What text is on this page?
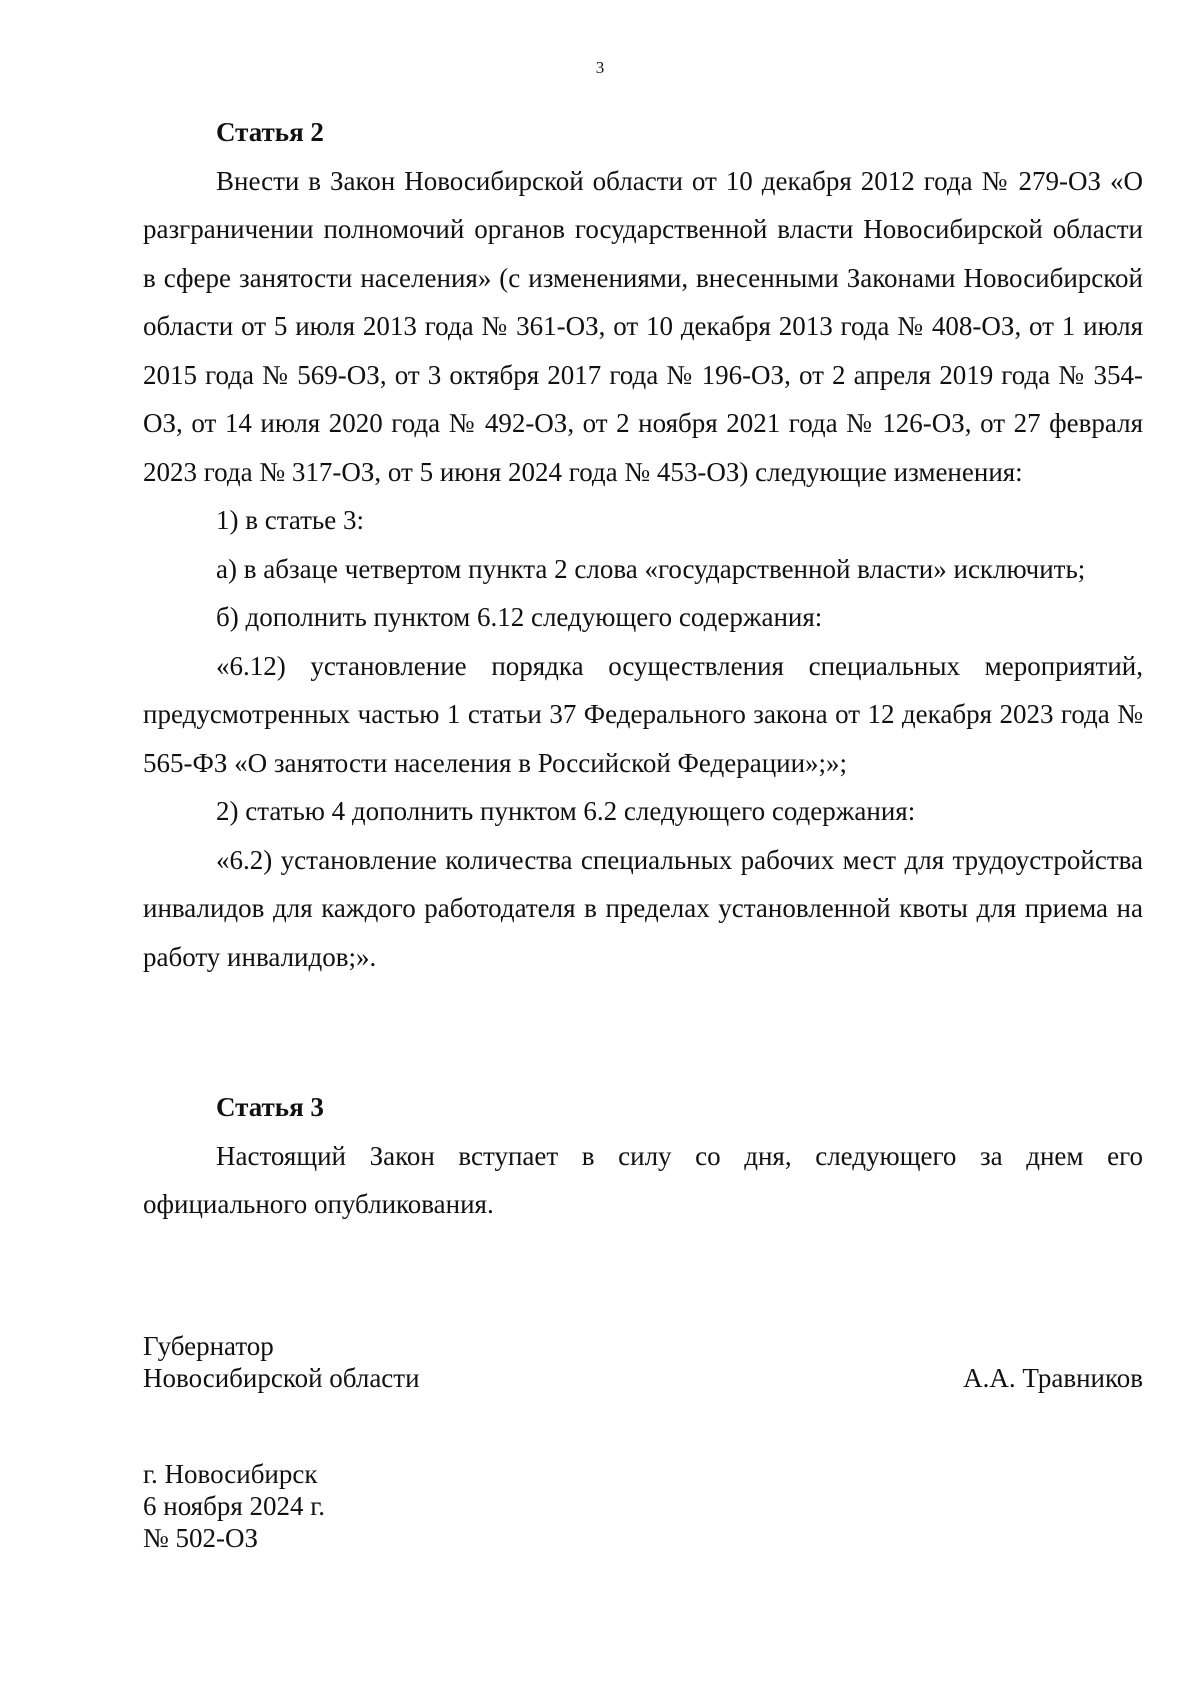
3

Статья 2

Внести в Закон Новосибирской области от 10 декабря 2012 года № 279-ОЗ «О разграничении полномочий органов государственной власти Новосибирской области в сфере занятости населения» (с изменениями, внесенными Законами Новосибирской области от 5 июля 2013 года № 361-ОЗ, от 10 декабря 2013 года № 408-ОЗ, от 1 июля 2015 года № 569-ОЗ, от 3 октября 2017 года № 196-ОЗ, от 2 апреля 2019 года № 354-ОЗ, от 14 июля 2020 года № 492-ОЗ, от 2 ноября 2021 года № 126-ОЗ, от 27 февраля 2023 года № 317-ОЗ, от 5 июня 2024 года № 453-ОЗ) следующие изменения:

1) в статье 3:

а) в абзаце четвертом пункта 2 слова «государственной власти» исключить;

б) дополнить пунктом 6.12 следующего содержания:

«6.12) установление порядка осуществления специальных мероприятий, предусмотренных частью 1 статьи 37 Федерального закона от 12 декабря 2023 года № 565-ФЗ «О занятости населения в Российской Федерации»;»;

2) статью 4 дополнить пунктом 6.2 следующего содержания:

«6.2) установление количества специальных рабочих мест для трудоустройства инвалидов для каждого работодателя в пределах установленной квоты для приема на работу инвалидов;».

Статья 3

Настоящий Закон вступает в силу со дня, следующего за днем его официального опубликования.

Губернатор
Новосибирской области	А.А. Травников
г. Новосибирск
6 ноября 2024 г.
№ 502-ОЗ
